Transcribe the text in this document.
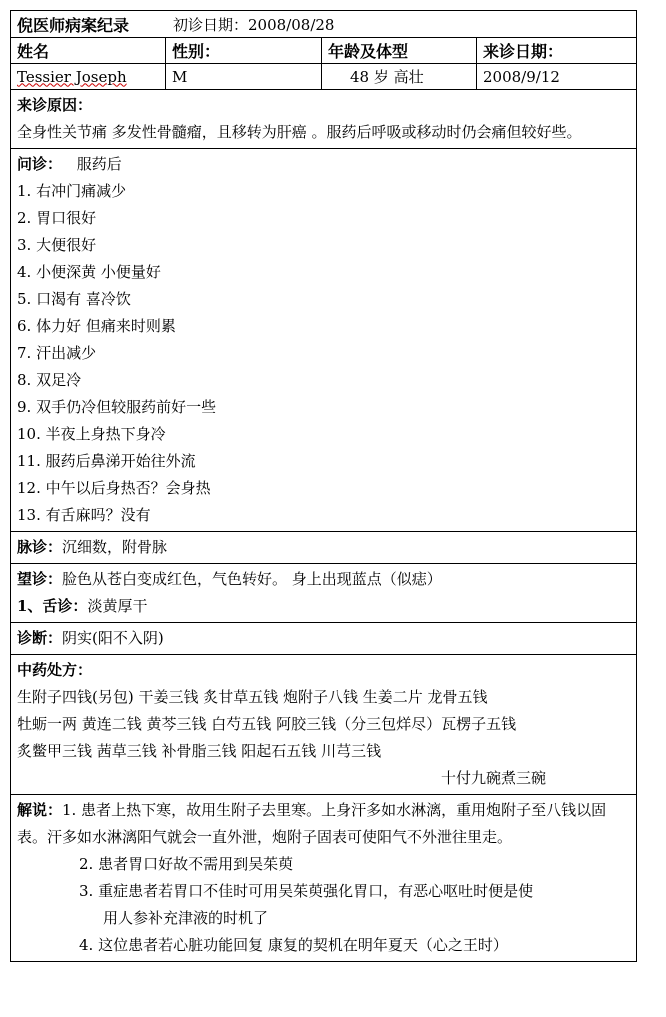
倪医师病案纪录	初诊日期：2008/08/28
姓名	性别：	年龄及体型	来诊日期：
Tessier Joseph	M	48 岁 高壮	2008/9/12
来诊原因：
全身性关节痛 多发性骨髓瘤，且移转为肝癌 。服药后呼吸或移动时仍会痛但较好些。
问诊： 服药后
1. 右冲门痛减少
2. 胃口很好
3. 大便很好
4. 小便深黄 小便量好
5. 口渴有 喜冷饮
6. 体力好 但痛来时则累
7. 汗出减少
8. 双足冷
9. 双手仍冷但较服药前好一些
10. 半夜上身热下身冷
11. 服药后鼻涕开始往外流
12. 中午以后身热否？会身热
13. 有舌麻吗？没有
脉诊：沉细数，附骨脉
望诊：脸色从苍白变成红色，气色转好。 身上出现蓝点（似痣）
1、舌诊：淡黄厚干
诊断：阴实(阳不入阴)
中药处方：
生附子四钱(另包) 干姜三钱 炙甘草五钱 炮附子八钱 生姜二片 龙骨五钱
牡蛎一两 黄连二钱 黄芩三钱 白芍五钱 阿胶三钱（分三包烊尽）瓦楞子五钱
炙鳖甲三钱 茜草三钱 补骨脂三钱 阳起石五钱 川芎三钱
十付九碗煮三碗
解说：1. 患者上热下寒，故用生附子去里寒。上身汗多如水淋漓，重用炮附子至八钱以固表。汗多如水淋漓阳气就会一直外泄，炮附子固表可使阳气不外泄往里走。
2. 患者胃口好故不需用到吴茱萸
3. 重症患者若胃口不佳时可用吴茱萸强化胃口，有恶心呕吐时便是使
用人参补充津液的时机了
4. 这位患者若心脏功能回复 康复的契机在明年夏天（心之王时）
